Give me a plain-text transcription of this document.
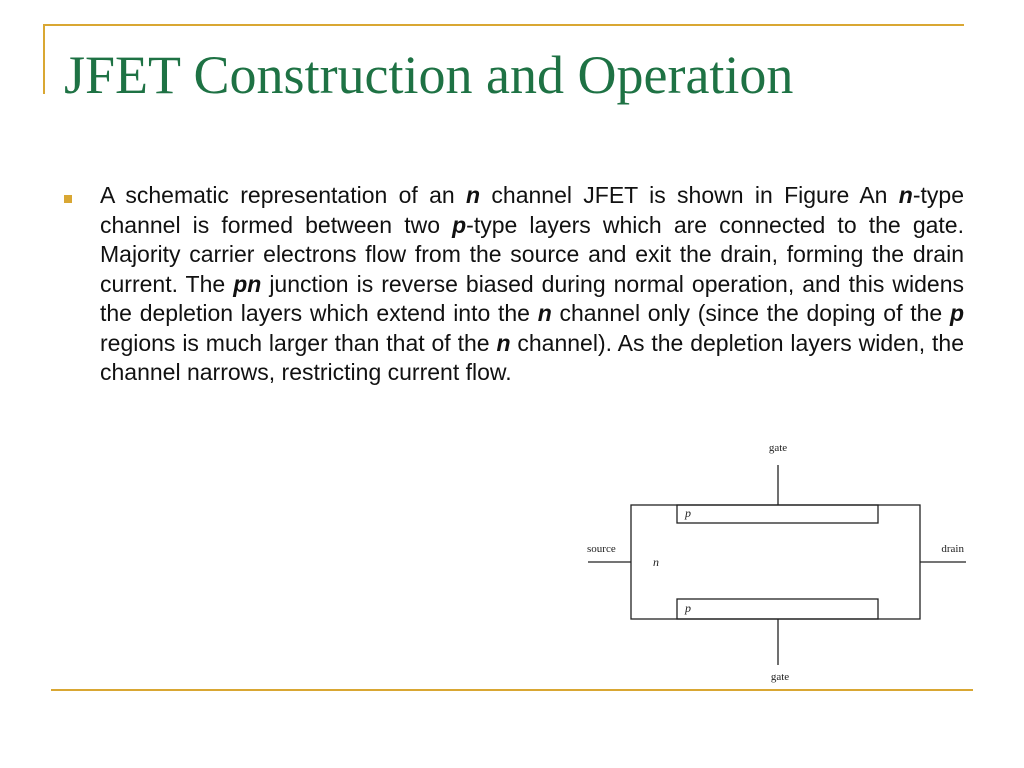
JFET Construction and Operation
A schematic representation of an n channel JFET is shown in Figure An n-type channel is formed between two p-type layers which are connected to the gate. Majority carrier electrons flow from the source and exit the drain, forming the drain current. The pn junction is reverse biased during normal operation, and this widens the depletion layers which extend into the n channel only (since the doping of the p regions is much larger than that of the n channel). As the depletion layers widen, the channel narrows, restricting current flow.
gate
gate
source	drain
n
p
p
